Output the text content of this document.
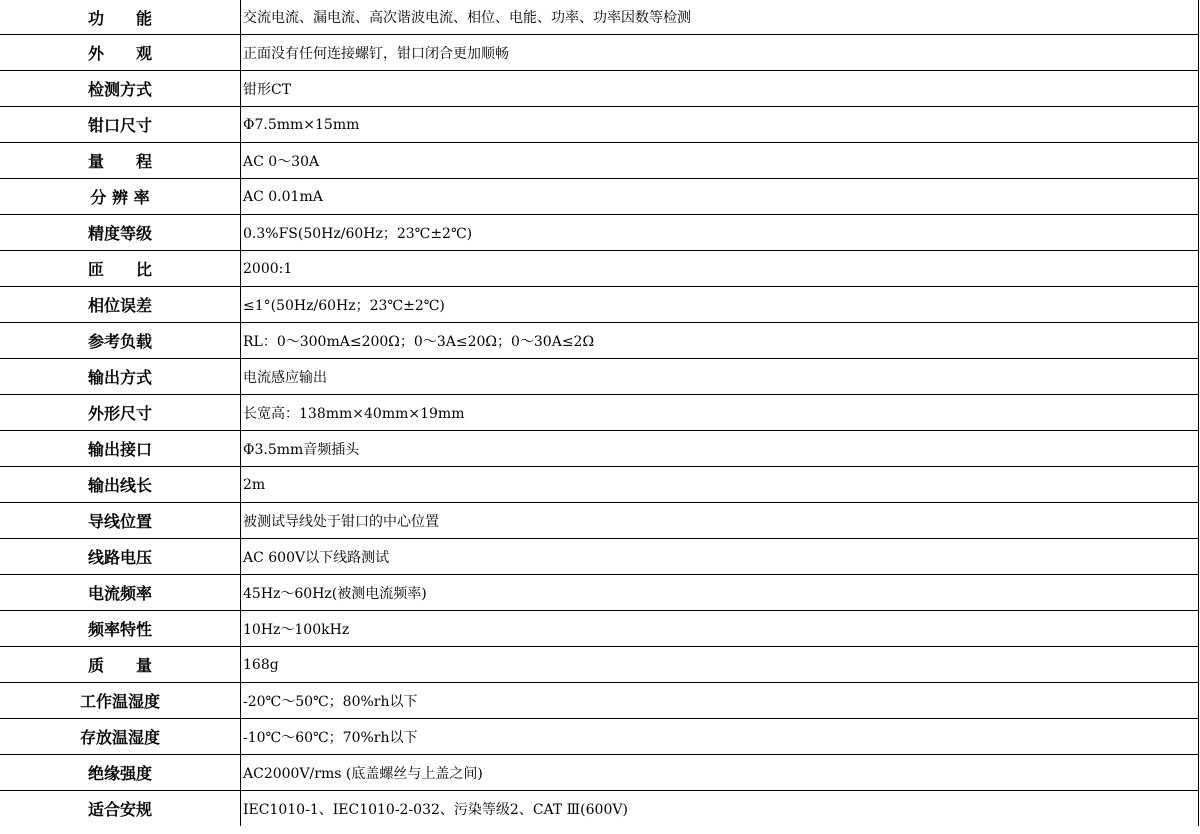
功　　能	交流电流、漏电流、高次谐波电流、相位、电能、功率、功率因数等检测
外　　观	正面没有任何连接螺钉，钳口闭合更加顺畅
检测方式	钳形CT
钳口尺寸	Φ7.5mm×15mm
量　　程	AC 0～30A
分 辨 率	AC 0.01mA
精度等级	0.3%FS(50Hz/60Hz；23℃±2℃)
匝　　比	2000:1
相位误差	≤1°(50Hz/60Hz；23℃±2℃)
参考负载	RL：0～300mA≤200Ω；0～3A≤20Ω；0～30A≤2Ω
输出方式	电流感应输出
外形尺寸	长宽高：138mm×40mm×19mm
输出接口	Φ3.5mm音频插头
输出线长	2m
导线位置	被测试导线处于钳口的中心位置
线路电压	AC 600V以下线路测试
电流频率	45Hz～60Hz(被测电流频率)
频率特性	10Hz～100kHz
质　　量	168g
工作温湿度	-20℃～50℃；80%rh以下
存放温湿度	-10℃～60℃；70%rh以下
绝缘强度	AC2000V/rms (底盖螺丝与上盖之间)
适合安规	IEC1010-1、IEC1010-2-032、污染等级2、CAT Ⅲ(600V)
